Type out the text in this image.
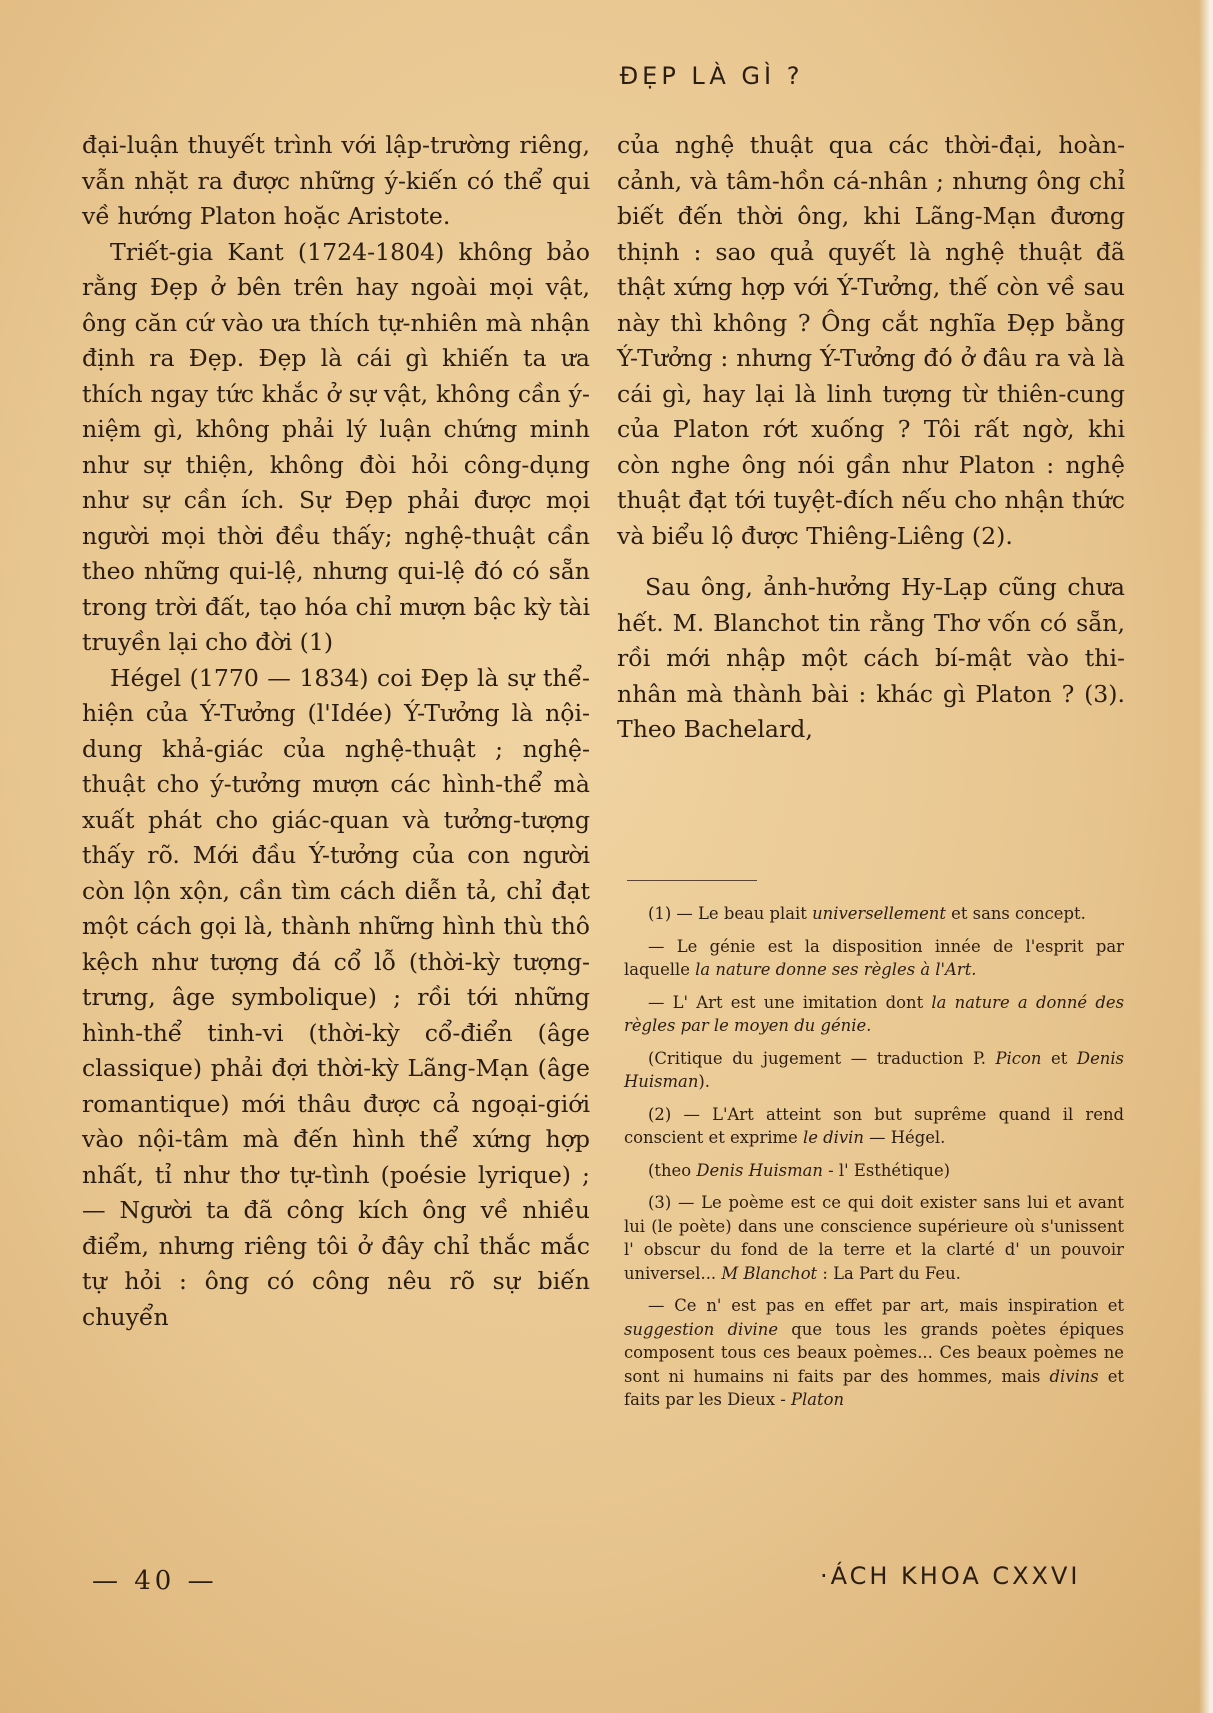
ĐẸP LÀ GÌ ?

đại-luận thuyết trình với lập-trường riêng, vẫn nhặt ra được những ý-kiến có thể qui về hướng Platon hoặc Aristote.

Triết-gia Kant (1724-1804) không bảo rằng Đẹp ở bên trên hay ngoài mọi vật, ông căn cứ vào ưa thích tự-nhiên mà nhận định ra Đẹp. Đẹp là cái gì khiến ta ưa thích ngay tức khắc ở sự vật, không cần ý-niệm gì, không phải lý luận chứng minh như sự thiện, không đòi hỏi công-dụng như sự cần ích. Sự Đẹp phải được mọi người mọi thời đều thấy; nghệ-thuật cần theo những qui-lệ, nhưng qui-lệ đó có sẵn trong trời đất, tạo hóa chỉ mượn bậc kỳ tài truyền lại cho đời (1)

Hégel (1770 — 1834) coi Đẹp là sự thể-hiện của Ý-Tưởng (l'Idée) Ý-Tưởng là nội-dung khả-giác của nghệ-thuật ; nghệ-thuật cho ý-tưởng mượn các hình-thể mà xuất phát cho giác-quan và tưởng-tượng thấy rõ. Mới đầu Ý-tưởng của con người còn lộn xộn, cần tìm cách diễn tả, chỉ đạt một cách gọi là, thành những hình thù thô kệch như tượng đá cổ lỗ (thời-kỳ tượng-trưng, âge symbolique) ; rồi tới những hình-thể tinh-vi (thời-kỳ cổ-điển (âge classique) phải đợi thời-kỳ Lãng-Mạn (âge romantique) mới thâu được cả ngoại-giới vào nội-tâm mà đến hình thể xứng hợp nhất, tỉ như thơ tự-tình (poésie lyrique) ; — Người ta đã công kích ông về nhiều điểm, nhưng riêng tôi ở đây chỉ thắc mắc tự hỏi : ông có công nêu rõ sự biến chuyển

của nghệ thuật qua các thời-đại, hoàn-cảnh, và tâm-hồn cá-nhân ; nhưng ông chỉ biết đến thời ông, khi Lãng-Mạn đương thịnh : sao quả quyết là nghệ thuật đã thật xứng hợp với Ý-Tưởng, thế còn về sau này thì không ? Ông cắt nghĩa Đẹp bằng Ý-Tưởng : nhưng Ý-Tưởng đó ở đâu ra và là cái gì, hay lại là linh tượng từ thiên-cung của Platon rớt xuống ? Tôi rất ngờ, khi còn nghe ông nói gần như Platon : nghệ thuật đạt tới tuyệt-đích nếu cho nhận thức và biểu lộ được Thiêng-Liêng (2).

Sau ông, ảnh-hưởng Hy-Lạp cũng chưa hết. M. Blanchot tin rằng Thơ vốn có sẵn, rồi mới nhập một cách bí-mật vào thi-nhân mà thành bài : khác gì Platon ? (3). Theo Bachelard,

(1) — Le beau plait universellement et sans concept.

— Le génie est la disposition innée de l'esprit par laquelle la nature donne ses règles à l'Art.

— L' Art est une imitation dont la nature a donné des règles par le moyen du génie.

(Critique du jugement — traduction P. Picon et Denis Huisman).

(2) — L'Art atteint son but suprême quand il rend conscient et exprime le divin — Hégel.

(theo Denis Huisman - l' Esthétique)

(3) — Le poème est ce qui doit exister sans lui et avant lui (le poète) dans une conscience supérieure où s'unissent l' obscur du fond de la terre et la clarté d' un pouvoir universel... M Blanchot : La Part du Feu.

— Ce n' est pas en effet par art, mais inspiration et suggestion divine que tous les grands poètes épiques composent tous ces beaux poèmes... Ces beaux poèmes ne sont ni humains ni faits par des hommes, mais divins et faits par les Dieux - Platon

— 40 —	·ÁCH KHOA CXXVI
